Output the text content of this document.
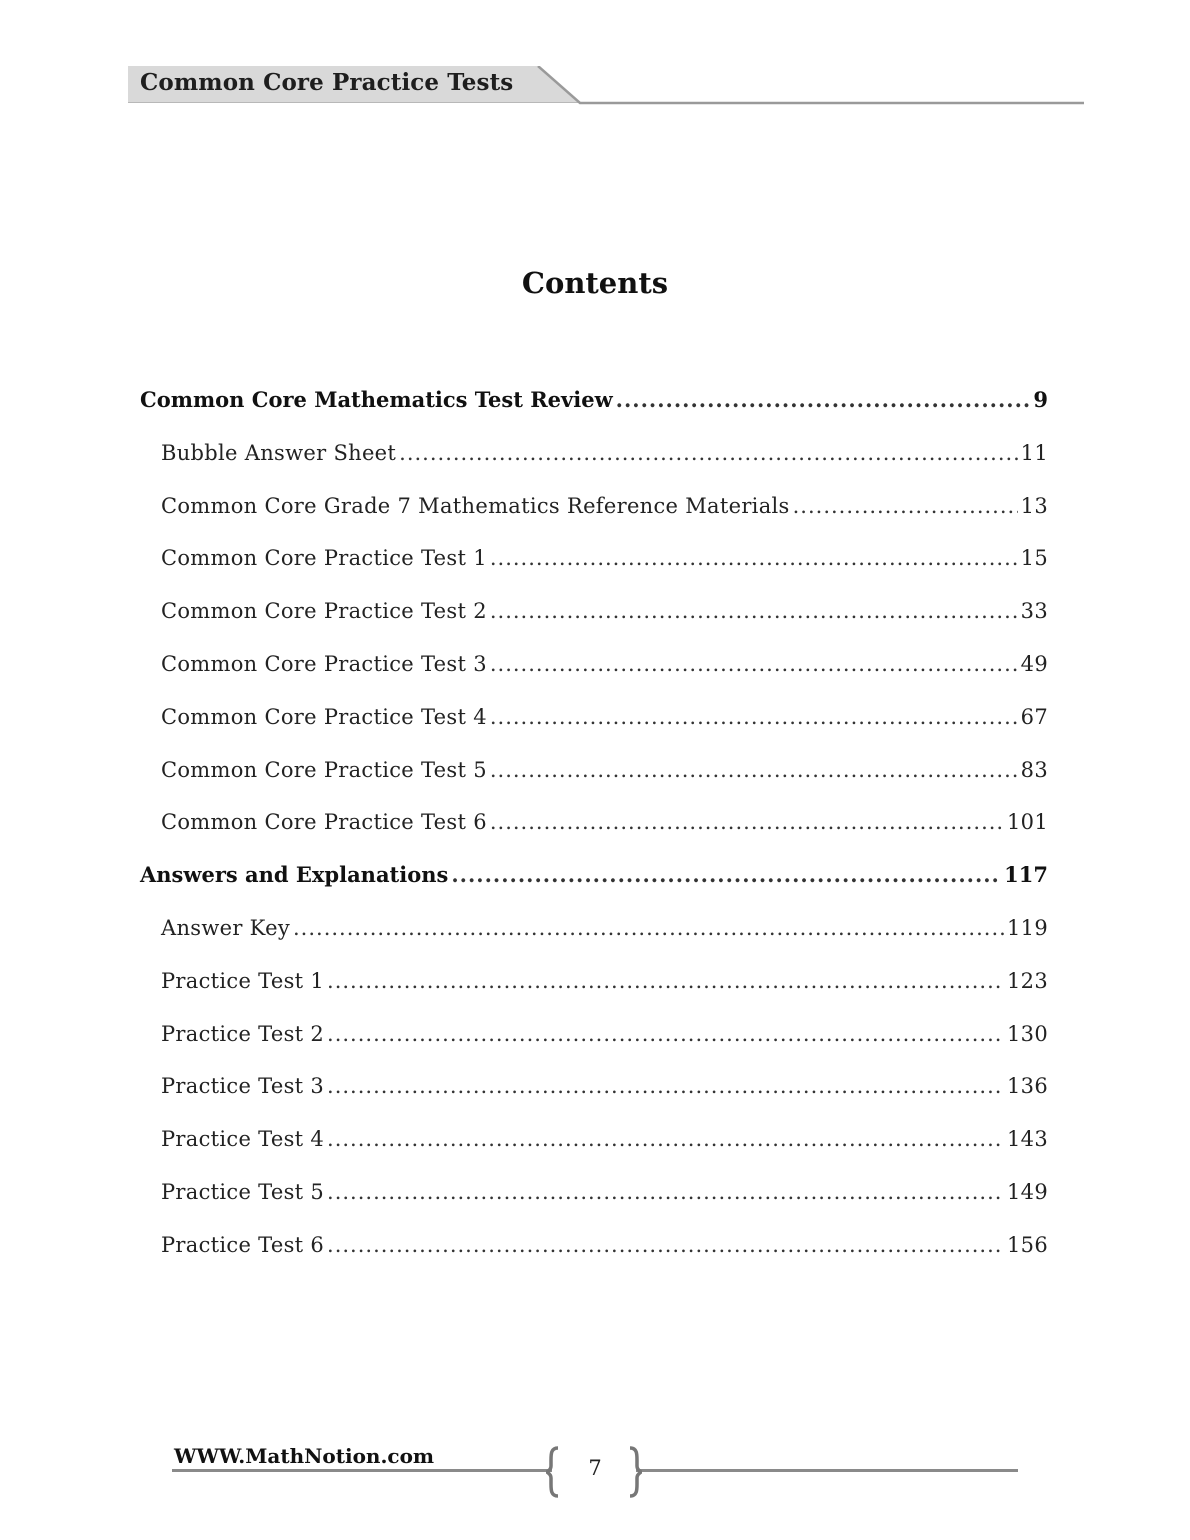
Common Core Practice Tests
Contents
Common Core Mathematics Test Review .....	9
Bubble Answer Sheet .....	11
Common Core Grade 7 Mathematics Reference Materials .....	13
Common Core Practice Test 1 .....	15
Common Core Practice Test 2 .....	33
Common Core Practice Test 3 .....	49
Common Core Practice Test 4 .....	67
Common Core Practice Test 5 .....	83
Common Core Practice Test 6 .....	101
Answers and Explanations .....	117
Answer Key .....	119
Practice Test 1 .....	123
Practice Test 2 .....	130
Practice Test 3 .....	136
Practice Test 4 .....	143
Practice Test 5 .....	149
Practice Test 6 .....	156
WWW.MathNotion.com	7
